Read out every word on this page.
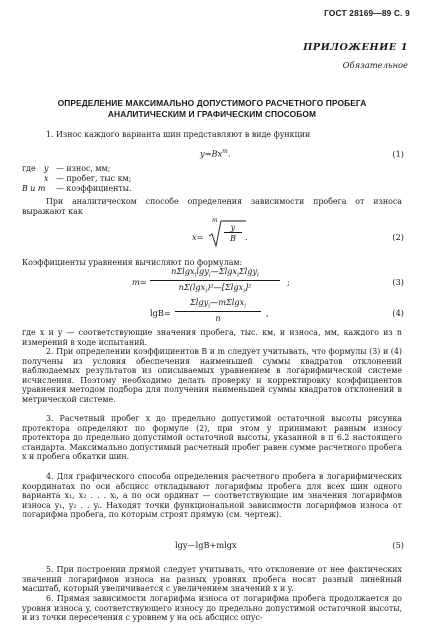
ГОСТ 28169—89 С. 9
ПРИЛОЖЕНИЕ 1
Обязательное
ОПРЕДЕЛЕНИЕ МАКСИМАЛЬНО ДОПУСТИМОГО РАСЧЕТНОГО ПРОБЕГА АНАЛИТИЧЕСКИМ И ГРАФИЧЕСКИМ СПОСОБОМ
1. Износ каждого варианта шин представляют в виде функции
$y=Bx^m$.	(1)
где y — износ, мм;
x — пробег, тыс км;
B и m — коэффициенты.
При аналитическом способе определения зависимости пробега от износа выражают как
x=
m
$\frac{y}{B}$ .	(2)
Коэффициенты уравнения вычисляют по формулам:
m=
nΣlgx$_i$lgy$_i$—Σlgx$_i$Σlgy$_i$
nΣ(lgx$_i$)²—[Σlgx$_i$]²	;	(3)
$\lg B= \frac{\Sigma\lg y_i—m\Sigma\lg x_i}{n}$ ,	(4)
где x и y — соответствующие значения пробега, тыс. км, и износа, мм, каждого из n измерений в ходе испытаний.
2. При определении коэффициентов B и m следует учитывать, что формулы (3) и (4) получены из условия обеспечения наименьшей суммы квадратов отклонений наблюдаемых результатов из описываемых уравнением в логарифмической системе исчисления. Поэтому необходимо делать проверку и корректировку коэффициентов уравнения методом подбора для получения наименьшей суммы квадратов отклонений в метрической системе.
3. Расчетный пробег x до предельно допустимой остаточной высоты рисунка протектора определяют по формуле (2), при этом y принимают равным износу протектора до предельно допустимой остаточной высоты, указанной в п 6.2 настоящего стандарта. Максимально допустимый расчетный пробег равен сумме расчетного пробега x и пробега обкатки шин.
4. Для графического способа определения расчетного пробега в логарифмических координатах по оси абсцисс откладывают логарифмы пробега для всех шин одного варианта x₁, x₂ . . . xᵢ, а по оси ординат — соответствующие им значения логарифмов износа y₁, y₂ . . yᵢ. Находят точки функциональной зависимости логарифмов износа от логарифма пробега, по которым строят прямую (см. чертеж).
lgy—lgB+mlgx	(5)
5. При построении прямой следует учитывать, что отклонение от нее фактических значений логарифмов износа на разных уровнях пробега носят разный линейный масштаб, который увеличивается с увеличением значений x и y.
6. Прямая зависимости логарифма износа от логарифма пробега продолжается до уровня износа y, соответствующего износу до предельно допустимой остаточной высоты, и из точки пересечения с уровнем y на ось абсцисс опус-
